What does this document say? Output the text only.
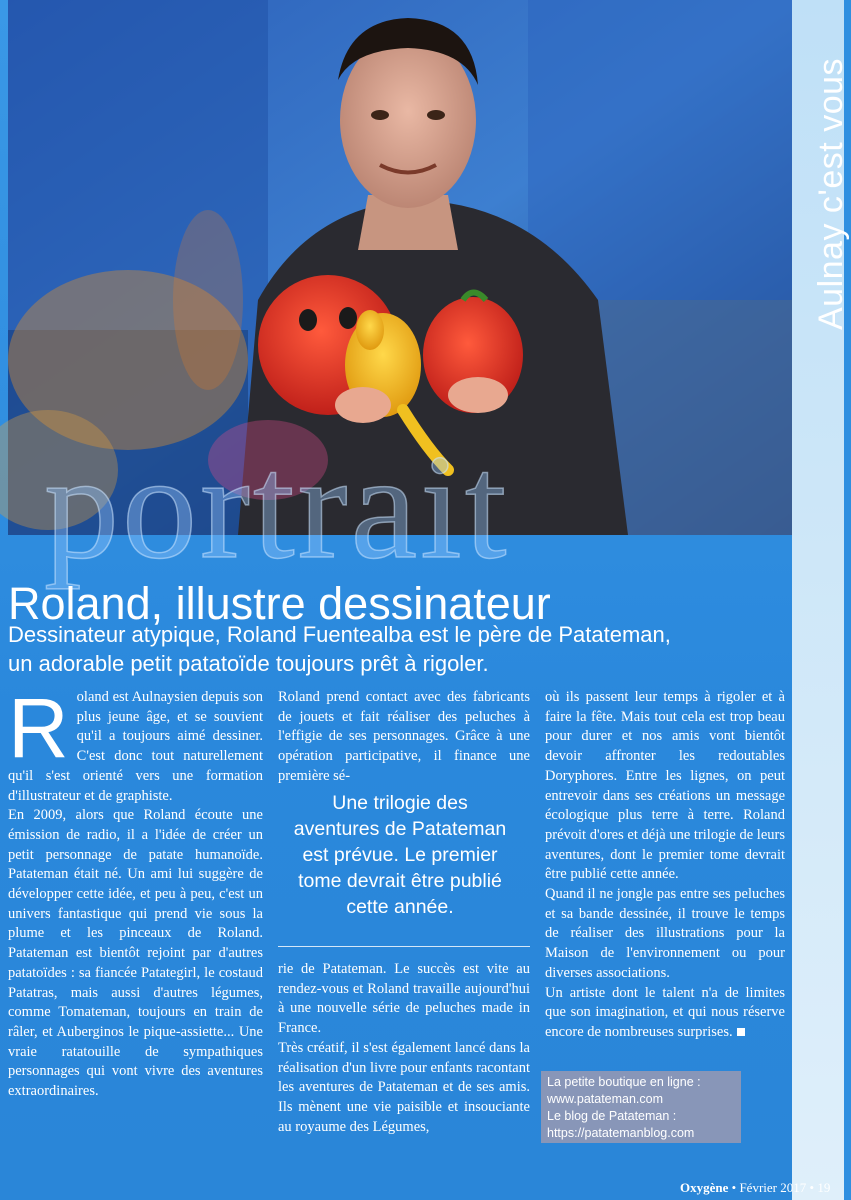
Aulnay c'est vous
portrait
Roland, illustre dessinateur
Dessinateur atypique, Roland Fuentealba est le père de Patateman,
un adorable petit patatoïde toujours prêt à rigoler.

Roland est Aulnaysien depuis son plus jeune âge, et se souvient qu'il a toujours aimé dessiner. C'est donc tout naturellement qu'il s'est orienté vers une formation d'illustrateur et de graphiste.

En 2009, alors que Roland écoute une émission de radio, il a l'idée de créer un petit personnage de patate humanoïde. Patateman était né. Un ami lui suggère de développer cette idée, et peu à peu, c'est un univers fantastique qui prend vie sous la plume et les pinceaux de Roland. Patateman est bientôt rejoint par d'autres patatoïdes : sa fiancée Patategirl, le costaud Patatras, mais aussi d'autres légumes, comme Tomateman, toujours en train de râler, et Auberginos le pique-assiette... Une vraie ratatouille de sympathiques personnages qui vont vivre des aventures extraordinaires.

Roland prend contact avec des fabricants de jouets et fait réaliser des peluches à l'effigie de ses personnages. Grâce à une opération participative, il finance une première sé-

Une trilogie des aventures de Patateman est prévue. Le premier tome devrait être publié cette année.

rie de Patateman. Le succès est vite au rendez-vous et Roland travaille aujourd'hui à une nouvelle série de peluches made in France.

Très créatif, il s'est également lancé dans la réalisation d'un livre pour enfants racontant les aventures de Patateman et de ses amis. Ils mènent une vie paisible et insouciante au royaume des Légumes,

où ils passent leur temps à rigoler et à faire la fête. Mais tout cela est trop beau pour durer et nos amis vont bientôt devoir affronter les redoutables Doryphores. Entre les lignes, on peut entrevoir dans ses créations un message écologique plus terre à terre. Roland prévoit d'ores et déjà une trilogie de leurs aventures, dont le premier tome devrait être publié cette année.

Quand il ne jongle pas entre ses peluches et sa bande dessinée, il trouve le temps de réaliser des illustrations pour la Maison de l'environnement ou pour diverses associations.

Un artiste dont le talent n'a de limites que son imagination, et qui nous réserve encore de nombreuses surprises.

La petite boutique en ligne :
www.patateman.com
Le blog de Patateman :
https://patatemanblog.com
Oxygène • Février 2017 • 19
